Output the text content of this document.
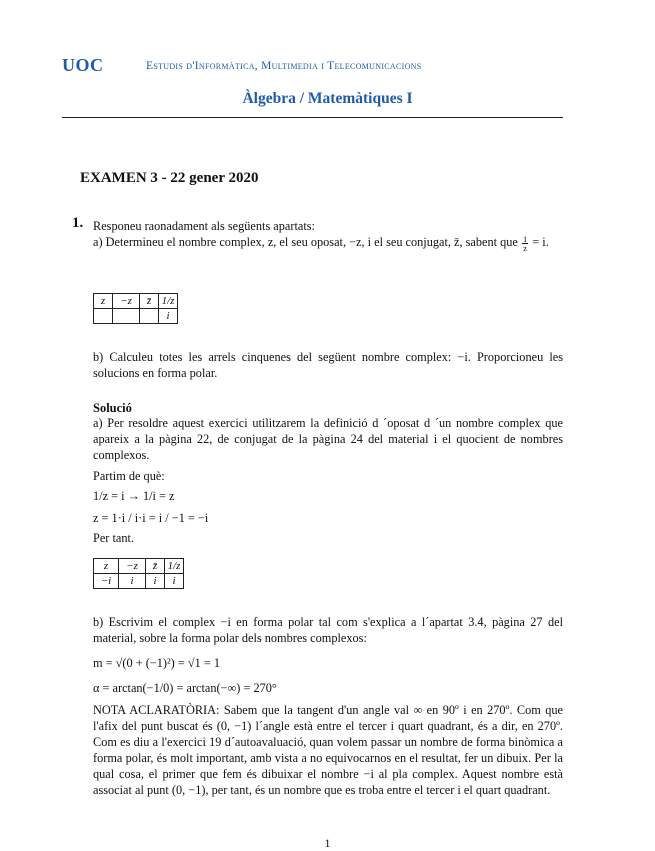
UOC	Estudis d'Informàtica, Multimedia i Telecomunicacions
Àlgebra / Matemàtiques I
EXAMEN 3 - 22 gener 2020
1. Responeu raonadament als següents apartats:
a) Determineu el nombre complex, z, el seu oposat, −z, i el seu conjugat, z̄, sabent que $\frac{1}{z} = i$.
z	−z	z̄	1/z
			i
b) Calculeu totes les arrels cinquenes del següent nombre complex: −i. Proporcioneu les solucions en forma polar.
Solució
a) Per resoldre aquest exercici utilitzarem la definició d ´oposat d ´un nombre complex que apareix a la pàgina 22, de conjugat de la pàgina 24 del material i el quocient de nombres complexos.
Partim de què:
1/z = i → 1/i = z
z = 1·i / i·i = i / −1 = −i
Per tant.
z	−z	z̄	1/z
−i	i	i	i
b) Escrivim el complex −i en forma polar tal com s'explica a l´apartat 3.4, pàgina 27 del material, sobre la forma polar dels nombres complexos:
m = √(0 + (−1)²) = √1 = 1
α = arctan(−1/0) = arctan(−∞) = 270°
NOTA ACLARATÒRIA: Sabem que la tangent d'un angle val ∞ en 90º i en 270º. Com que l'afix del punt buscat és (0, −1) l´angle està entre el tercer i quart quadrant, és a dir, en 270º. Com es diu a l'exercici 19 d´autoavaluació, quan volem passar un nombre de forma binòmica a forma polar, és molt important, amb vista a no equivocarnos en el resultat, fer un dibuix. Per la qual cosa, el primer que fem és dibuixar el nombre −i al pla complex. Aquest nombre està associat al punt (0, −1), per tant, és un nombre que es troba entre el tercer i el quart quadrant.
1
